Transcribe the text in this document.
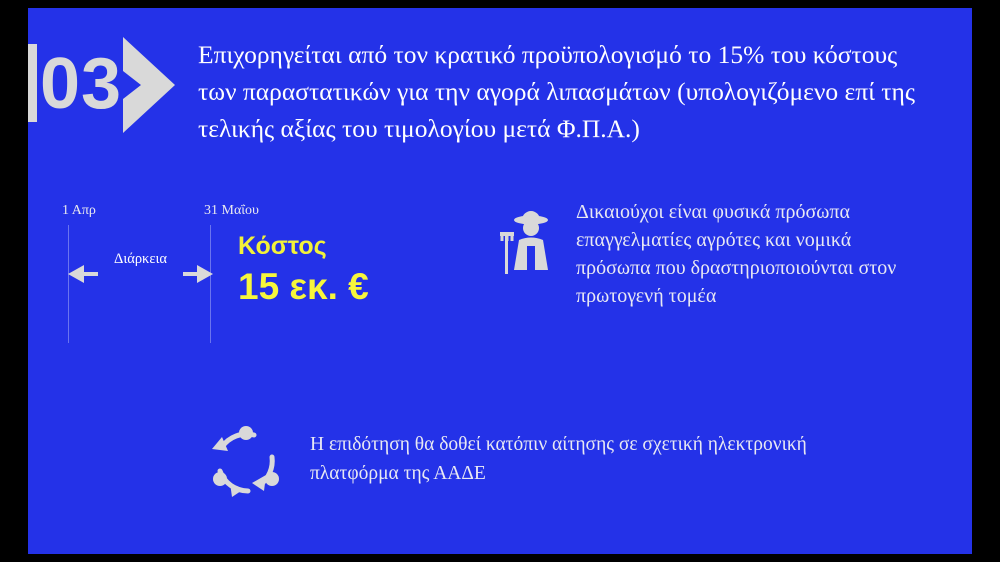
03	Επιχορηγείται από τον κρατικό προϋπολογισμό το 15% του κόστους των παραστατικών για την αγορά λιπασμάτων (υπολογιζόμενο επί της τελικής αξίας του τιμολογίου μετά Φ.Π.Α.)
1 Απρ	31 Μαΐου
Διάρκεια	Κόστος
15 εκ. €
Δικαιούχοι είναι φυσικά πρόσωπα επαγγελματίες αγρότες και νομικά πρόσωπα που δραστηριοποιούνται στον πρωτογενή τομέα
Η επιδότηση θα δοθεί κατόπιν αίτησης σε σχετική ηλεκτρονική πλατφόρμα της ΑΑΔΕ
